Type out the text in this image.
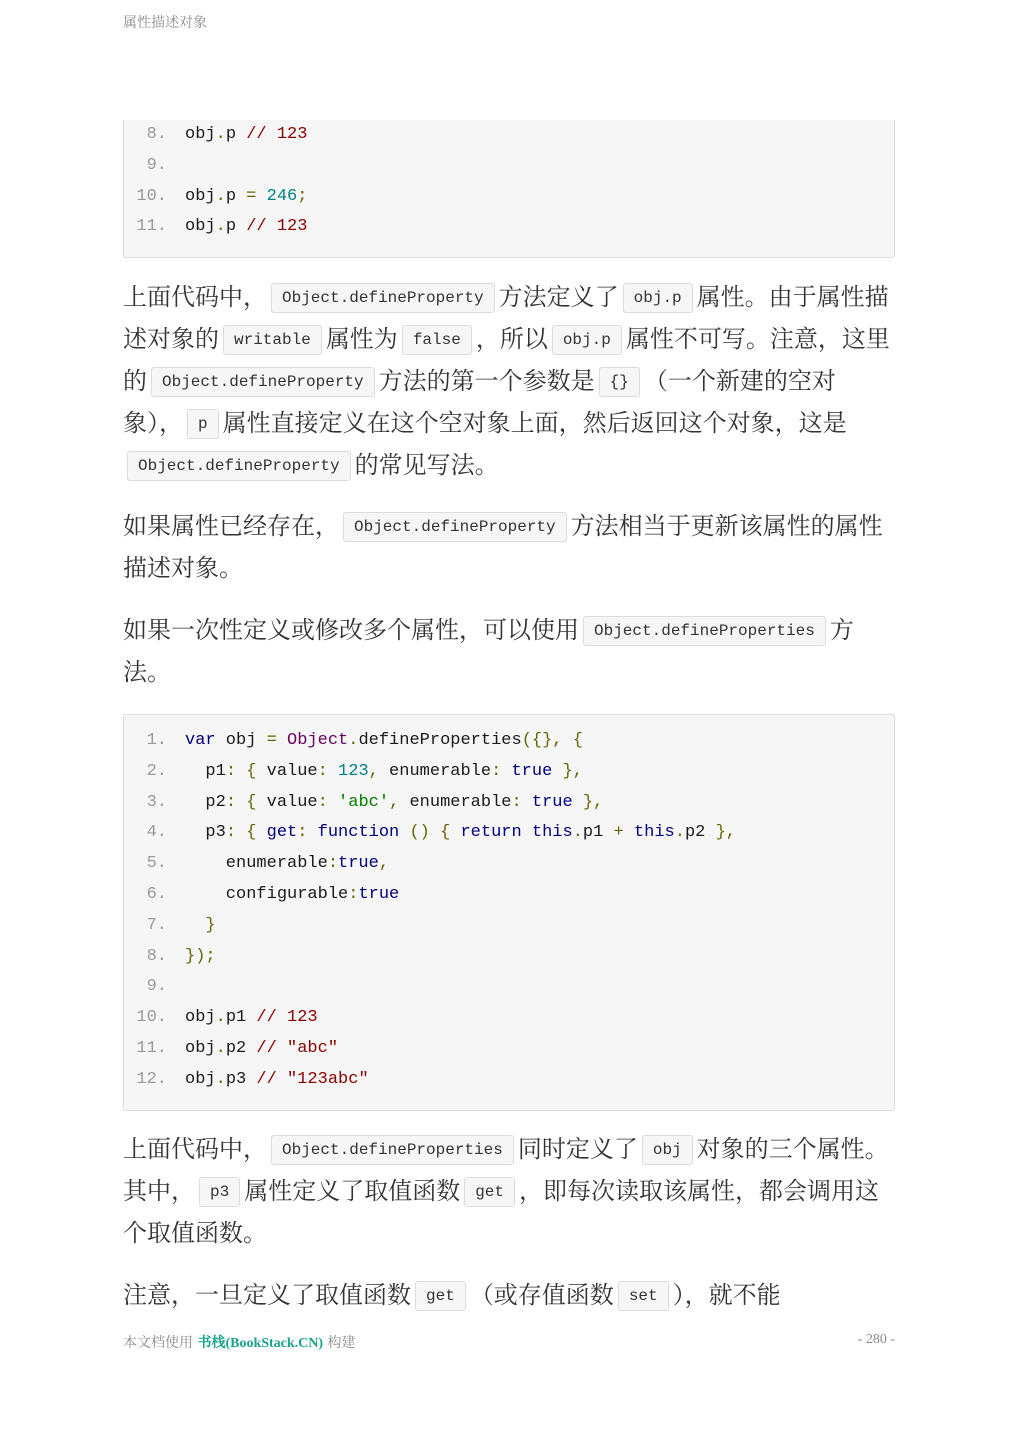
属性描述对象
8. obj.p // 123
9.
10. obj.p = 246;
11. obj.p // 123
上面代码中， Object.defineProperty 方法定义了 obj.p 属性。由于属性描述对象的 writable 属性为 false ，所以 obj.p 属性不可写。注意，这里的 Object.defineProperty 方法的第一个参数是 {} （一个新建的空对象）， p 属性直接定义在这个空对象上面，然后返回这个对象，这是Object.defineProperty 的常见写法。
如果属性已经存在， Object.defineProperty 方法相当于更新该属性的属性描述对象。
如果一次性定义或修改多个属性，可以使用 Object.defineProperties 方法。
1. var obj = Object.defineProperties({}, {
2. p1: { value: 123, enumerable: true },
3. p2: { value: 'abc', enumerable: true },
4. p3: { get: function () { return this.p1 + this.p2 },
5. enumerable:true,
6. configurable:true
7.	}
8. });
9.
10. obj.p1 // 123
11. obj.p2 // "abc"
12. obj.p3 // "123abc"
上面代码中， Object.defineProperties 同时定义了 obj 对象的三个属性。其中， p3 属性定义了取值函数 get ，即每次读取该属性，都会调用这个取值函数。
注意，一旦定义了取值函数 get （或存值函数 set ），就不能
本文档使用 书栈(BookStack.CN) 构建	- 280 -
